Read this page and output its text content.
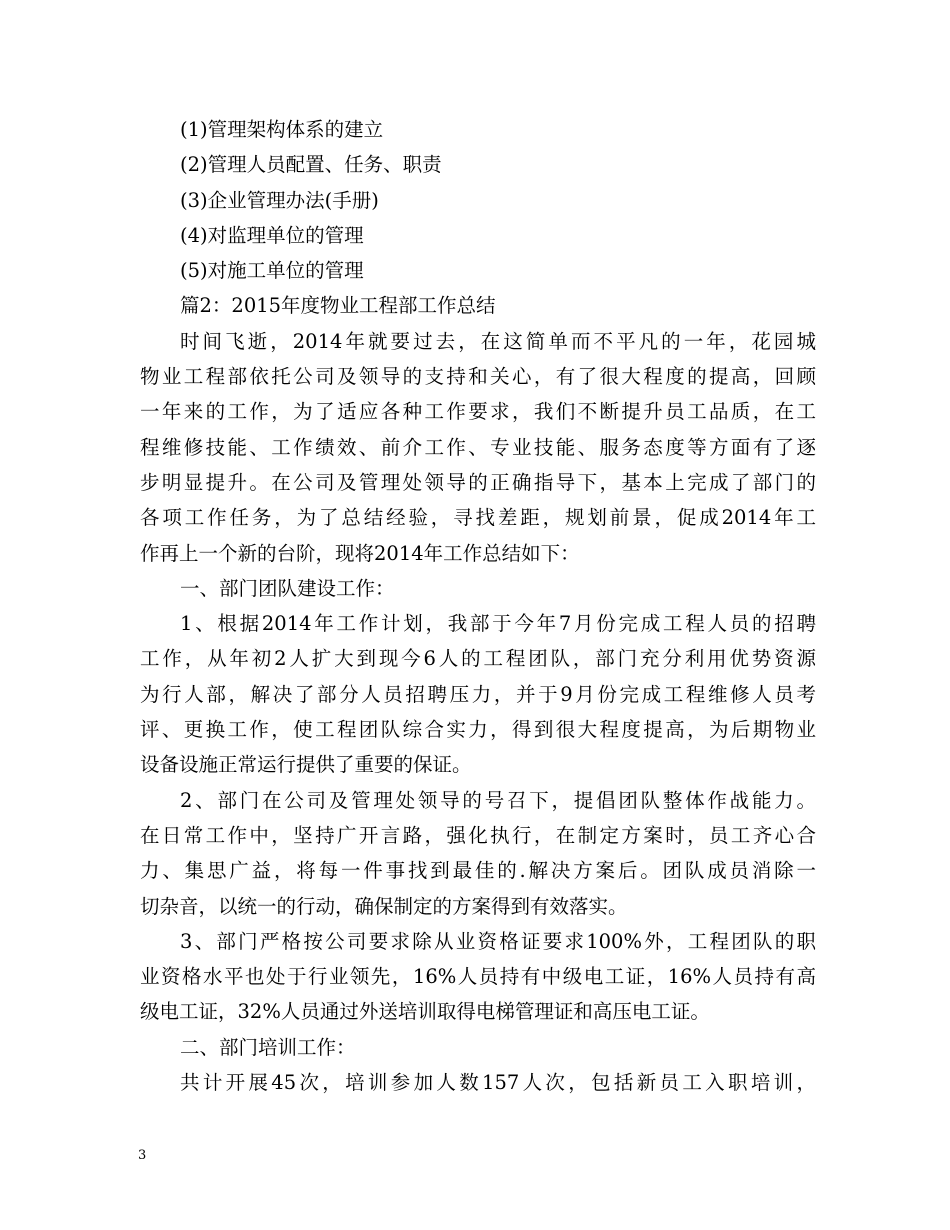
(1)管理架构体系的建立
(2)管理人员配置、任务、职责
(3)企业管理办法(手册)
(4)对监理单位的管理
(5)对施工单位的管理
篇2：2015年度物业工程部工作总结
时间飞逝，2014年就要过去，在这简单而不平凡的一年，花园城
物业工程部依托公司及领导的支持和关心，有了很大程度的提高，回顾
一年来的工作，为了适应各种工作要求，我们不断提升员工品质，在工
程维修技能、工作绩效、前介工作、专业技能、服务态度等方面有了逐
步明显提升。在公司及管理处领导的正确指导下，基本上完成了部门的
各项工作任务，为了总结经验，寻找差距，规划前景，促成2014年工
作再上一个新的台阶，现将2014年工作总结如下：
一、部门团队建设工作：
1、根据2014年工作计划，我部于今年7月份完成工程人员的招聘
工作，从年初2人扩大到现今6人的工程团队，部门充分利用优势资源
为行人部，解决了部分人员招聘压力，并于9月份完成工程维修人员考
评、更换工作，使工程团队综合实力，得到很大程度提高，为后期物业
设备设施正常运行提供了重要的保证。
2、部门在公司及管理处领导的号召下，提倡团队整体作战能力。
在日常工作中，坚持广开言路，强化执行，在制定方案时，员工齐心合
力、集思广益，将每一件事找到最佳的.解决方案后。团队成员消除一
切杂音，以统一的行动，确保制定的方案得到有效落实。
3、部门严格按公司要求除从业资格证要求100%外，工程团队的职
业资格水平也处于行业领先，16%人员持有中级电工证，16%人员持有高
级电工证，32%人员通过外送培训取得电梯管理证和高压电工证。
二、部门培训工作：
共计开展45次，培训参加人数157人次，包括新员工入职培训，
3
